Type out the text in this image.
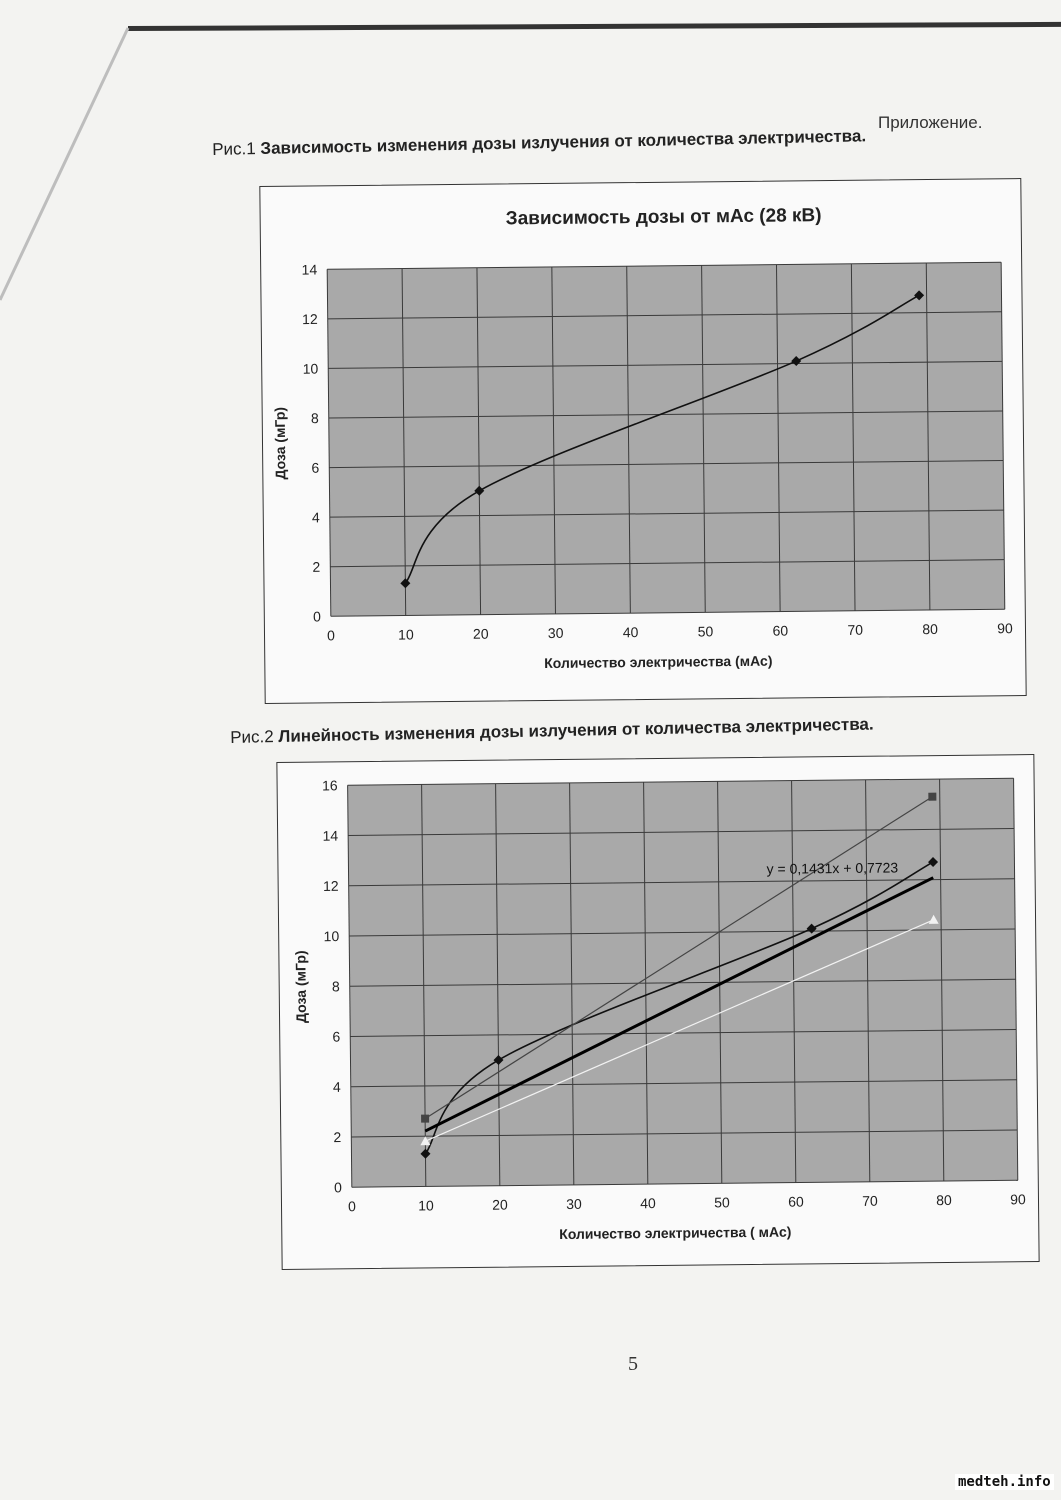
Приложение.
Рис.1 Зависимость изменения дозы излучения от количества электричества.
Зависимость дозы от мАс (28 кВ)
0	10	20	30	40	50	60	70	80	90
0
2
4
6
8
10
12
14
Количество электричества (мАс)
Доза (мГр)
Рис.2 Линейность изменения дозы излучения от количества электричества.
0	10	20	30	40	50	60	70	80	90
0
2
4
6
8
10
12
14
16
Количество электричества ( мАс)
Доза (мГр)
y = 0,1431x + 0,7723
5
medteh.info
